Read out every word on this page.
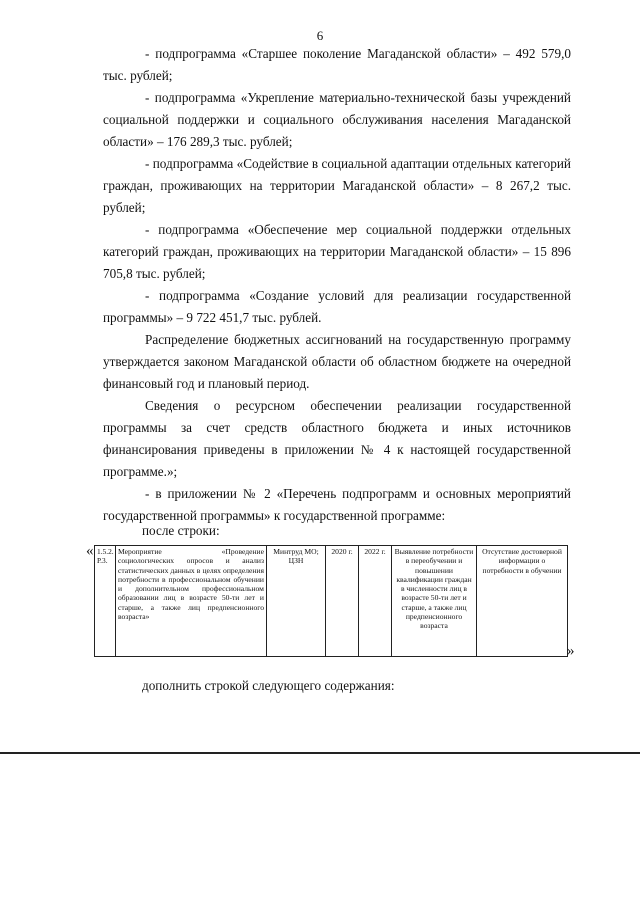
6

- подпрограмма «Старшее поколение Магаданской области» – 492 579,0 тыс. рублей;

- подпрограмма «Укрепление материально-технической базы учреждений социальной поддержки и социального обслуживания населения Магаданской области» – 176 289,3 тыс. рублей;

- подпрограмма «Содействие в социальной адаптации отдельных категорий граждан, проживающих на территории Магаданской области» – 8 267,2 тыс. рублей;

- подпрограмма «Обеспечение мер социальной поддержки отдельных категорий граждан, проживающих на территории Магаданской области» – 15 896 705,8 тыс. рублей;

- подпрограмма «Создание условий для реализации государственной программы» – 9 722 451,7 тыс. рублей.

Распределение бюджетных ассигнований на государственную программу утверждается законом Магаданской области об областном бюджете на очередной финансовый год и плановый период.

Сведения о ресурсном обеспечении реализации государственной программы за счет средств областного бюджета и иных источников финансирования приведены в приложении № 4 к настоящей государственной программе.»;

- в приложении № 2 «Перечень подпрограмм и основных мероприятий государственной программы» к государственной программе:

после строки:
« 1.5.2. Р.3.	Мероприятие «Проведение социологических опросов и анализ статистических данных в целях определения потребности в профессиональном обучении и дополнительном профессиональном образовании лиц в возрасте 50-ти лет и старше, а также лиц предпенсионного возраста»	Минтруд МО; ЦЗН	2020 г.	2022 г.	Выявление потребности в переобучении и повышении квалификации граждан в численности лиц в возрасте 50-ти лет и старше, а также лиц предпенсионного возраста	Отсутствие достоверной информации о потребности в обучении
»
дополнить строкой следующего содержания:
